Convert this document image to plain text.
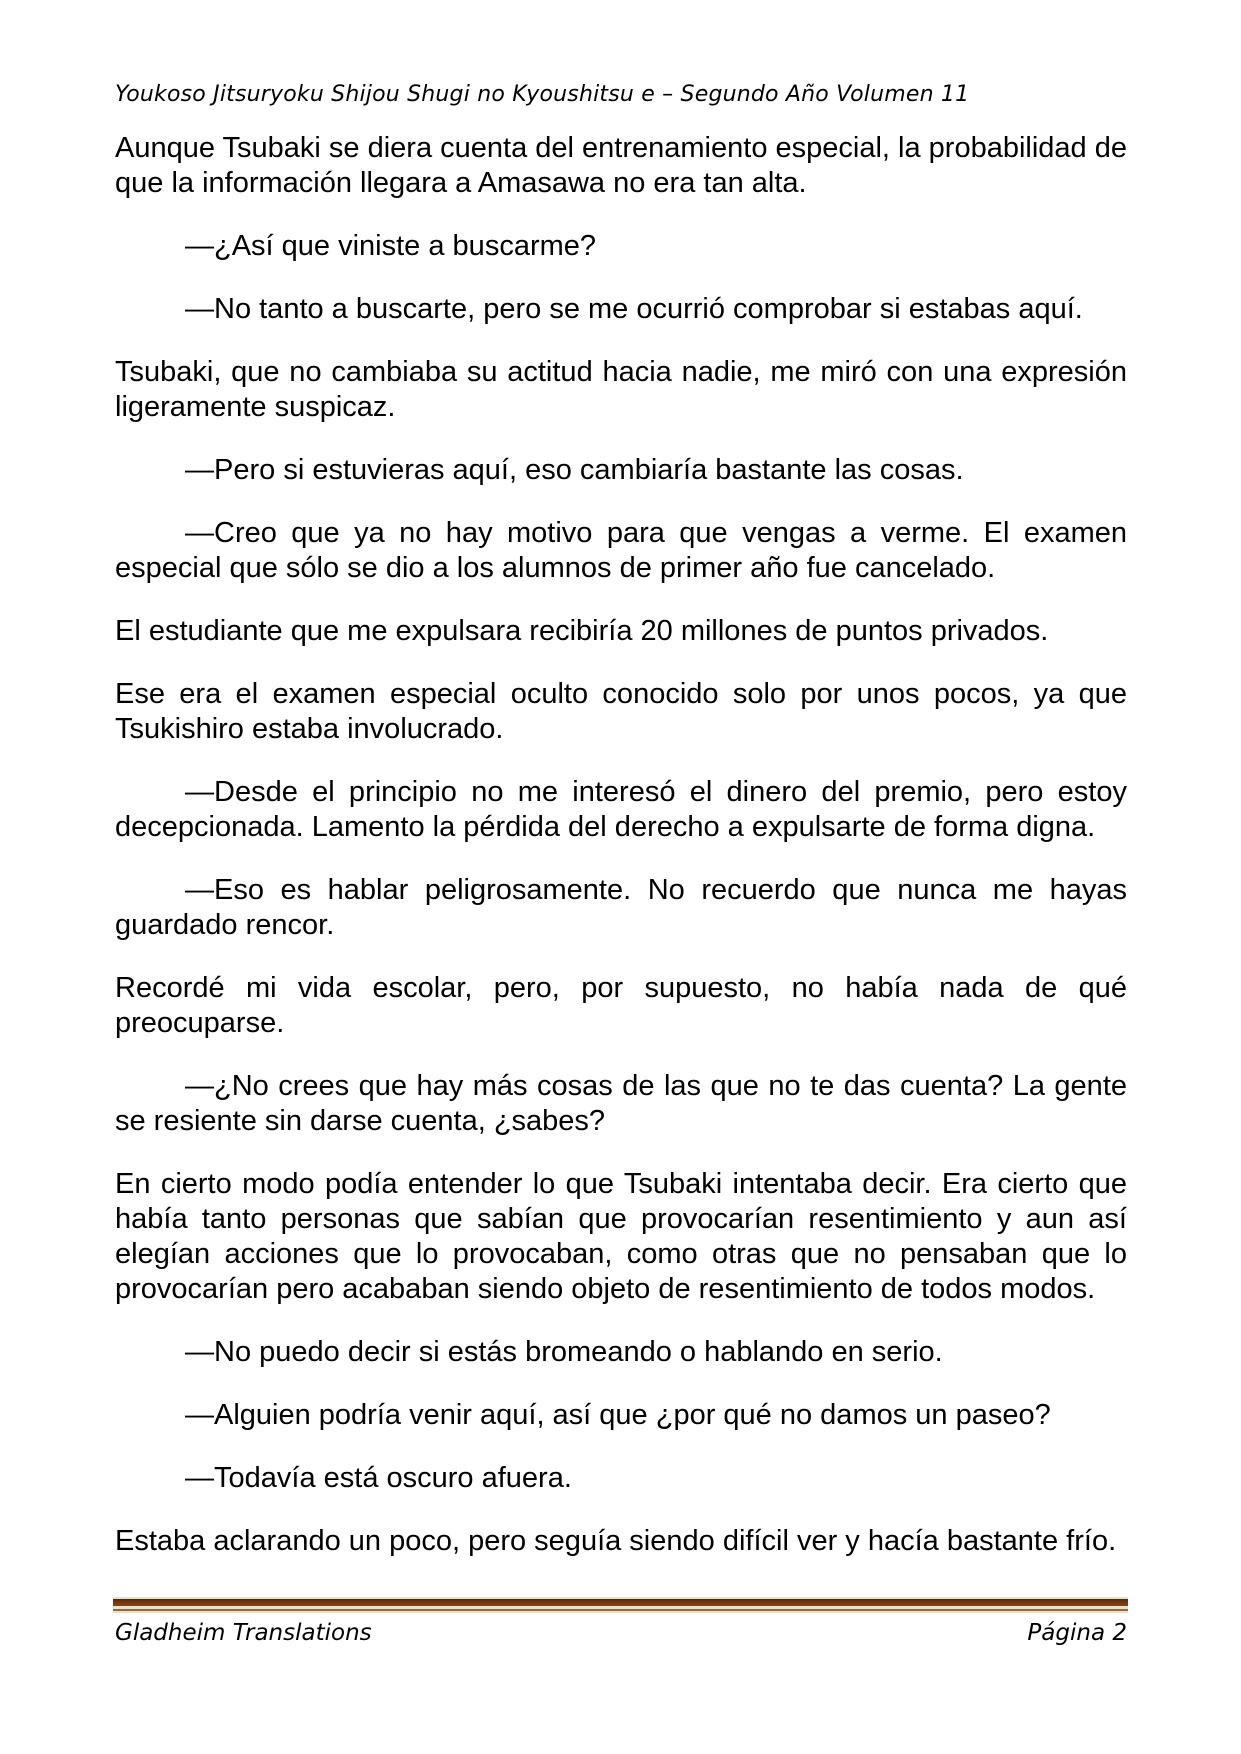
Youkoso Jitsuryoku Shijou Shugi no Kyoushitsu e – Segundo Año Volumen 11

Aunque Tsubaki se diera cuenta del entrenamiento especial, la probabilidad de que la información llegara a Amasawa no era tan alta.

—¿Así que viniste a buscarme?

—No tanto a buscarte, pero se me ocurrió comprobar si estabas aquí.

Tsubaki, que no cambiaba su actitud hacia nadie, me miró con una expresión ligeramente suspicaz.

—Pero si estuvieras aquí, eso cambiaría bastante las cosas.

—Creo que ya no hay motivo para que vengas a verme. El examen especial que sólo se dio a los alumnos de primer año fue cancelado.

El estudiante que me expulsara recibiría 20 millones de puntos privados.

Ese era el examen especial oculto conocido solo por unos pocos, ya que Tsukishiro estaba involucrado.

—Desde el principio no me interesó el dinero del premio, pero estoy decepcionada. Lamento la pérdida del derecho a expulsarte de forma digna.

—Eso es hablar peligrosamente. No recuerdo que nunca me hayas guardado rencor.

Recordé mi vida escolar, pero, por supuesto, no había nada de qué preocuparse.

—¿No crees que hay más cosas de las que no te das cuenta? La gente se resiente sin darse cuenta, ¿sabes?

En cierto modo podía entender lo que Tsubaki intentaba decir. Era cierto que había tanto personas que sabían que provocarían resentimiento y aun así elegían acciones que lo provocaban, como otras que no pensaban que lo provocarían pero acababan siendo objeto de resentimiento de todos modos.

—No puedo decir si estás bromeando o hablando en serio.

—Alguien podría venir aquí, así que ¿por qué no damos un paseo?

—Todavía está oscuro afuera.

Estaba aclarando un poco, pero seguía siendo difícil ver y hacía bastante frío.

Gladheim Translations	Página 2
